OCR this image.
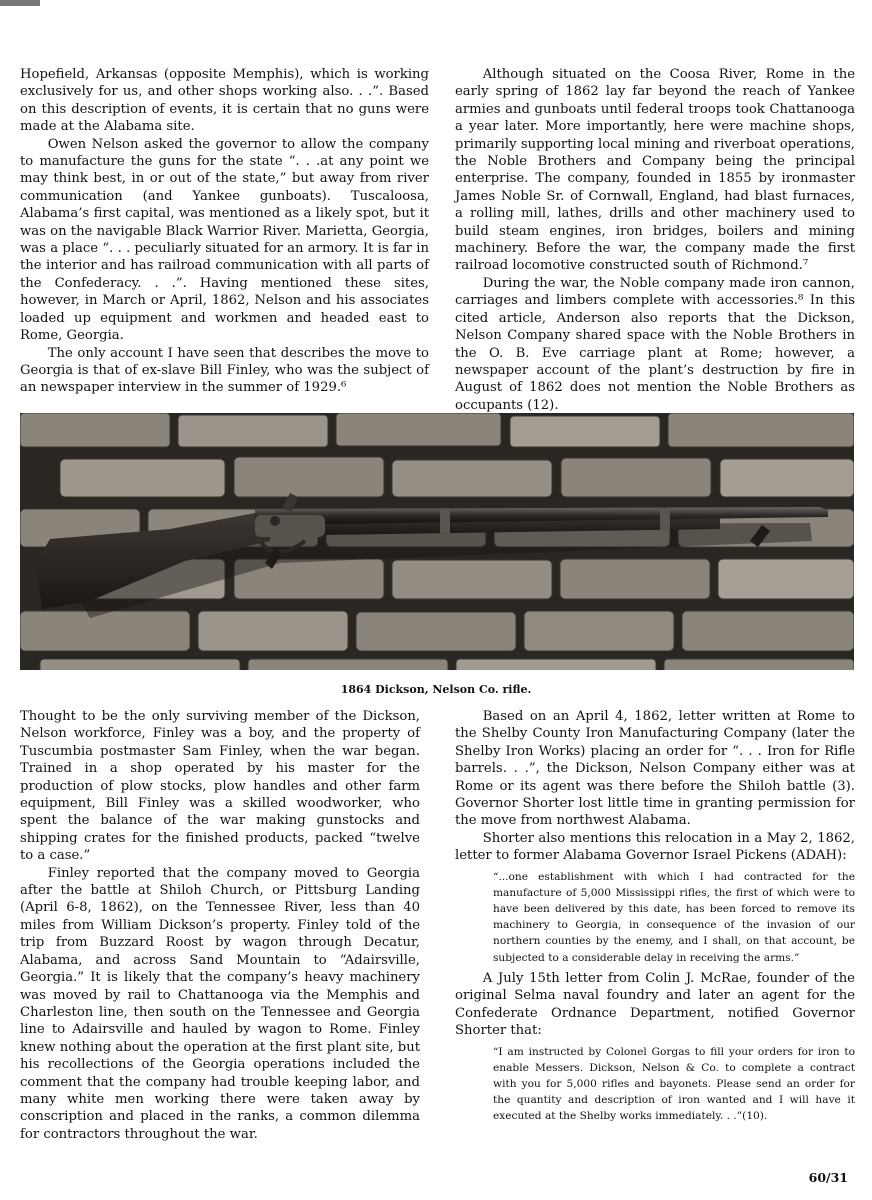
Hopefield, Arkansas (opposite Memphis), which is working exclusively for us, and other shops working also. . .”. Based on this description of events, it is certain that no guns were made at the Alabama site.

Owen Nelson asked the governor to allow the company to manufacture the guns for the state “. . .at any point we may think best, in or out of the state,” but away from river communication (and Yankee gunboats). Tuscaloosa, Alabama’s first capital, was mentioned as a likely spot, but it was on the navigable Black Warrior River. Marietta, Georgia, was a place “. . . peculiarly situated for an armory. It is far in the interior and has railroad communication with all parts of the Confederacy. . .”. Having mentioned these sites, however, in March or April, 1862, Nelson and his associates loaded up equipment and workmen and headed east to Rome, Georgia.

The only account I have seen that describes the move to Georgia is that of ex-slave Bill Finley, who was the subject of an newspaper interview in the summer of 1929.⁶

Although situated on the Coosa River, Rome in the early spring of 1862 lay far beyond the reach of Yankee armies and gunboats until federal troops took Chattanooga a year later. More importantly, here were machine shops, primarily supporting local mining and riverboat operations, the Noble Brothers and Company being the principal enterprise. The company, founded in 1855 by ironmaster James Noble Sr. of Cornwall, England, had blast furnaces, a rolling mill, lathes, drills and other machinery used to build steam engines, iron bridges, boilers and mining machinery. Before the war, the company made the first railroad locomotive constructed south of Richmond.⁷

During the war, the Noble company made iron cannon, carriages and limbers complete with accessories.⁸ In this cited article, Anderson also reports that the Dickson, Nelson Company shared space with the Noble Brothers in the O. B. Eve carriage plant at Rome; however, a newspaper account of the plant’s destruction by fire in August of 1862 does not mention the Noble Brothers as occupants (12).

1864 Dickson, Nelson Co. rifle.

Thought to be the only surviving member of the Dickson, Nelson workforce, Finley was a boy, and the property of Tuscumbia postmaster Sam Finley, when the war began. Trained in a shop operated by his master for the production of plow stocks, plow handles and other farm equipment, Bill Finley was a skilled woodworker, who spent the balance of the war making gunstocks and shipping crates for the finished products, packed “twelve to a case.”

Finley reported that the company moved to Georgia after the battle at Shiloh Church, or Pittsburg Landing (April 6-8, 1862), on the Tennessee River, less than 40 miles from William Dickson’s property. Finley told of the trip from Buzzard Roost by wagon through Decatur, Alabama, and across Sand Mountain to “Adairsville, Georgia.” It is likely that the company’s heavy machinery was moved by rail to Chattanooga via the Memphis and Charleston line, then south on the Tennessee and Georgia line to Adairsville and hauled by wagon to Rome. Finley knew nothing about the operation at the first plant site, but his recollections of the Georgia operations included the comment that the company had trouble keeping labor, and many white men working there were taken away by conscription and placed in the ranks, a common dilemma for contractors throughout the war.

Based on an April 4, 1862, letter written at Rome to the Shelby County Iron Manufacturing Company (later the Shelby Iron Works) placing an order for “. . . Iron for Rifle barrels. . .”, the Dickson, Nelson Company either was at Rome or its agent was there before the Shiloh battle (3). Governor Shorter lost little time in granting permission for the move from northwest Alabama.

Shorter also mentions this relocation in a May 2, 1862, letter to former Alabama Governor Israel Pickens (ADAH):

“...one establishment with which I had contracted for the manufacture of 5,000 Mississippi rifles, the first of which were to have been delivered by this date, has been forced to remove its machinery to Georgia, in consequence of the invasion of our northern counties by the enemy, and I shall, on that account, be subjected to a considerable delay in receiving the arms.”

A July 15th letter from Colin J. McRae, founder of the original Selma naval foundry and later an agent for the Confederate Ordnance Department, notified Governor Shorter that:

“I am instructed by Colonel Gorgas to fill your orders for iron to enable Messers. Dickson, Nelson & Co. to complete a contract with you for 5,000 rifles and bayonets. Please send an order for the quantity and description of iron wanted and I will have it executed at the Shelby works immediately. . .”(10).
60/31
